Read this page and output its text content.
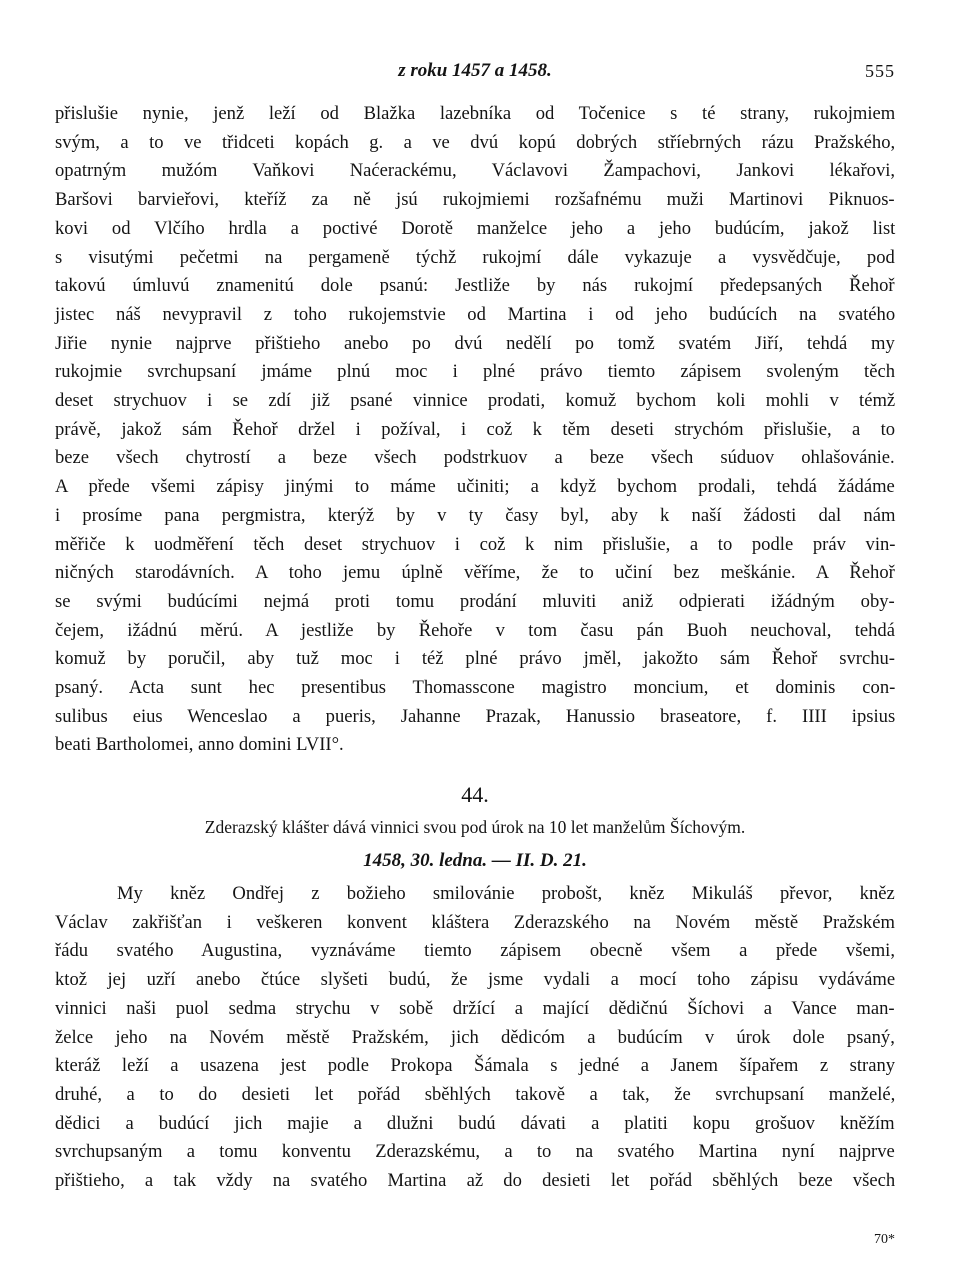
z roku 1457 a 1458.	555
přislušie nynie, jenž leží od Blažka lazebníka od Točenice s té strany, rukojmiem
svým, a to ve třidceti kopách g. a ve dvú kopú dobrých stříebrných rázu Pražského,
opatrným mužóm Vaňkovi Naćerackému, Václavovi Žampachovi, Jankovi lékařovi,
Baršovi barvieřovi, kteříž za ně jsú rukojmiemi rozšafnému muži Martinovi Piknuos-
kovi od Vlčího hrdla a poctivé Dorotě manželce jeho a jeho budúcím, jakož list
s visutými pečetmi na pergameně týchž rukojmí dále vykazuje a vysvědčuje, pod
takovú úmluvú znamenitú dole psanú: Jestliže by nás rukojmí předepsaných Řehoř
jistec náš nevypravil z toho rukojemstvie od Martina i od jeho budúcích na svatého
Jiřie nynie najprve přištieho anebo po dvú nedělí po tomž svatém Jiří, tehdá my
rukojmie svrchupsaní jmáme plnú moc i plné právo tiemto zápisem svoleným těch
deset strychuov i se zdí již psané vinnice prodati, komuž bychom koli mohli v témž
právě, jakož sám Řehoř držel i požíval, i což k těm deseti strychóm přislušie, a to
beze všech chytrostí a beze všech podstrkuov a beze všech súduov ohlašovánie.
A přede všemi zápisy jinými to máme učiniti; a když bychom prodali, tehdá žádáme
i prosíme pana pergmistra, kterýž by v ty časy byl, aby k naší žádosti dal nám
měřiče k uodměření těch deset strychuov i což k nim přislušie, a to podle práv vin-
ničných starodávních. A toho jemu úplně věříme, že to učiní bez meškánie. A Řehoř
se svými budúcími nejmá proti tomu prodání mluviti aniž odpierati ižádným oby-
čejem, ižádnú měrú. A jestliže by Řehoře v tom času pán Buoh neuchoval, tehdá
komuž by poručil, aby tuž moc i též plné právo jměl, jakožto sám Řehoř svrchu-
psaný. Acta sunt hec presentibus Thomasscone magistro moncium, et dominis con-
sulibus eius Wenceslao a pueris, Jahanne Prazak, Hanussio braseatore, f. IIII ipsius
beati Bartholomei, anno domini LVII°.
44.
Zderazský klášter dává vinnici svou pod úrok na 10 let manželům Šíchovým.
1458, 30. ledna. — II. D. 21.
My kněz Ondřej z božieho smilovánie probošt, kněz Mikuláš převor, kněz
Václav zakřišťan i veškeren konvent kláštera Zderazského na Novém městě Pražském
řádu svatého Augustina, vyznáváme tiemto zápisem obecně všem a přede všemi,
ktož jej uzří anebo čtúce slyšeti budú, že jsme vydali a mocí toho zápisu vydáváme
vinnici naši puol sedma strychu v sobě držící a mající dědičnú Šíchovi a Vance man-
želce jeho na Novém městě Pražském, jich dědicóm a budúcím v úrok dole psaný,
kteráž leží a usazena jest podle Prokopa Šámala s jedné a Janem šípařem z strany
druhé, a to do desieti let pořád sběhlých takově a tak, že svrchupsaní manželé,
dědici a budúcí jich majie a dlužni budú dávati a platiti kopu grošuov kněžím
svrchupsaným a tomu konventu Zderazskému, a to na svatého Martina nyní najprve
přištieho, a tak vždy na svatého Martina až do desieti let pořád sběhlých beze všech
70*
